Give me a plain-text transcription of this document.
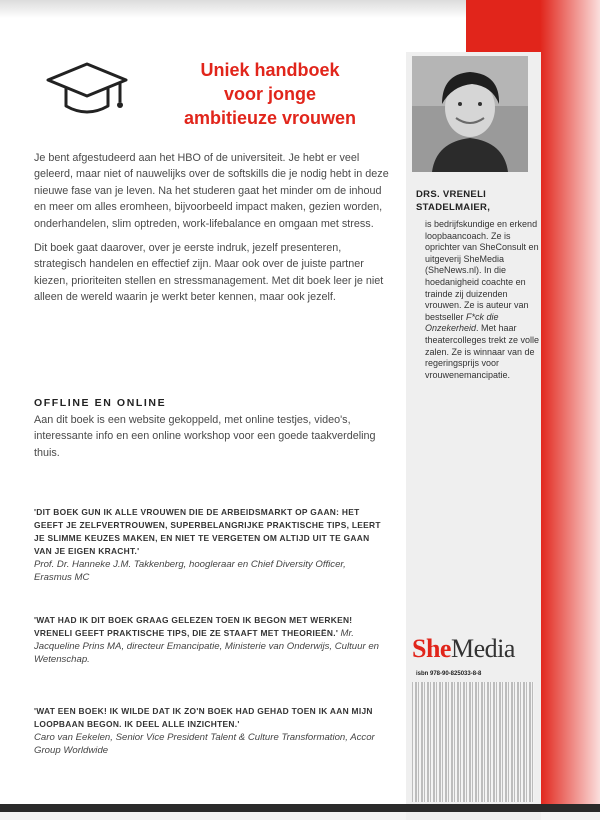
DRS. VRENELI
STADELMAIER,
is bedrijfskundige en erkend loopbaancoach. Ze is oprichter van SheConsult en uitgeverij SheMedia (SheNews.nl). In die hoedanigheid coachte en trainde zij duizenden vrouwen. Ze is auteur van bestseller F*ck die Onzekerheid. Met haar theatercolleges trekt ze volle zalen. Ze is winnaar van de regeringsprijs voor vrouwenemancipatie.
Uniek handboek
voor jonge
ambitieuze vrouwen

Je bent afgestudeerd aan het HBO of de universiteit. Je hebt er veel geleerd, maar niet of nauwelijks over de softskills die je nodig hebt in deze nieuwe fase van je leven. Na het studeren gaat het minder om de inhoud en meer om alles eromheen, bijvoorbeeld impact maken, gezien worden, onderhandelen, slim optreden, work-lifebalance en omgaan met stress.

Dit boek gaat daarover, over je eerste indruk, jezelf presenteren, strategisch handelen en effectief zijn. Maar ook over de juiste partner kiezen, prioriteiten stellen en stressmanagement. Met dit boek leer je niet alleen de wereld waarin je werkt beter kennen, maar ook jezelf.

OFFLINE EN ONLINE
Aan dit boek is een website gekoppeld, met online testjes, video's, interessante info en een online workshop voor een goede taakverdeling thuis.
'DIT BOEK GUN IK ALLE VROUWEN DIE DE ARBEIDSMARKT OP GAAN: HET GEEFT JE ZELFVERTROUWEN, SUPERBELANGRIJKE PRAKTISCHE TIPS, LEERT JE SLIMME KEUZES MAKEN, EN NIET TE VERGETEN OM ALTIJD UIT TE GAAN VAN JE EIGEN KRACHT.'
Prof. Dr. Hanneke J.M. Takkenberg, hoogleraar en Chief Diversity Officer, Erasmus MC
'WAT HAD IK DIT BOEK GRAAG GELEZEN TOEN IK BEGON MET WERKEN! VRENELI GEEFT PRAKTISCHE TIPS, DIE ZE STAAFT MET THEORIEËN.' Mr. Jacqueline Prins MA, directeur Emancipatie, Ministerie van Onderwijs, Cultuur en Wetenschap.
'WAT EEN BOEK! IK WILDE DAT IK ZO'N BOEK HAD GEHAD TOEN IK AAN MIJN LOOPBAAN BEGON. IK DEEL ALLE INZICHTEN.'
Caro van Eekelen, Senior Vice President Talent & Culture Transformation, Accor Group Worldwide
SheMedia
isbn 978-90-825033-8-8
